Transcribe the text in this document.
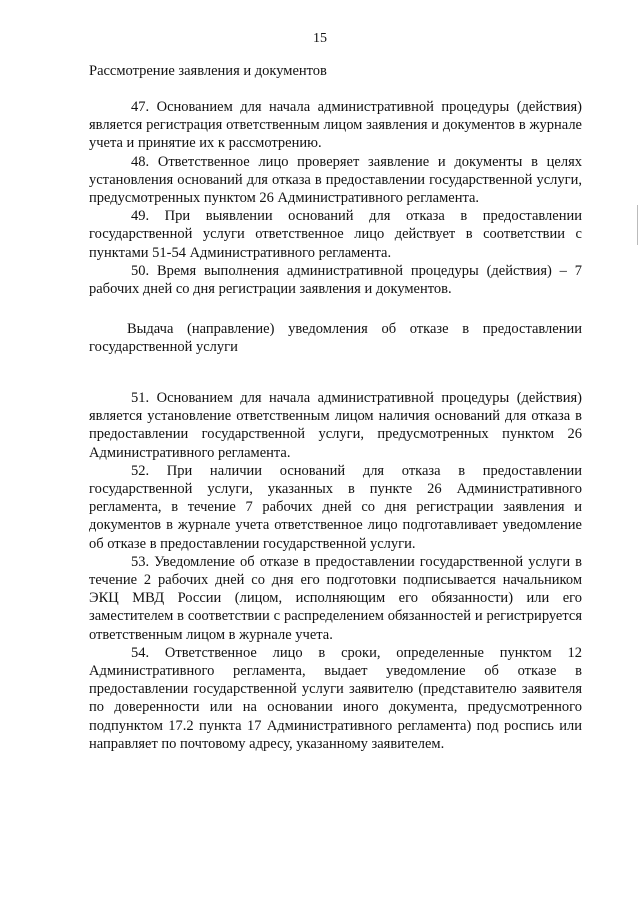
15
Рассмотрение заявления и документов

47. Основанием для начала административной процедуры (действия) является регистрация ответственным лицом заявления и документов в журнале учета и принятие их к рассмотрению.

48. Ответственное лицо проверяет заявление и документы в целях установления оснований для отказа в предоставлении государственной услуги, предусмотренных пунктом 26 Административного регламента.

49. При выявлении оснований для отказа в предоставлении государственной услуги ответственное лицо действует в соответствии с пунктами 51-54 Административного регламента.

50. Время выполнения административной процедуры (действия) – 7 рабочих дней со дня регистрации заявления и документов.

Выдача (направление) уведомления об отказе в предоставлении государственной услуги

51. Основанием для начала административной процедуры (действия) является установление ответственным лицом наличия оснований для отказа в предоставлении государственной услуги, предусмотренных пунктом 26 Административного регламента.

52. При наличии оснований для отказа в предоставлении государственной услуги, указанных в пункте 26 Административного регламента, в течение 7 рабочих дней со дня регистрации заявления и документов в журнале учета ответственное лицо подготавливает уведомление об отказе в предоставлении государственной услуги.

53. Уведомление об отказе в предоставлении государственной услуги в течение 2 рабочих дней со дня его подготовки подписывается начальником ЭКЦ МВД России (лицом, исполняющим его обязанности) или его заместителем в соответствии с распределением обязанностей и регистрируется ответственным лицом в журнале учета.

54. Ответственное лицо в сроки, определенные пунктом 12 Административного регламента, выдает уведомление об отказе в предоставлении государственной услуги заявителю (представителю заявителя по доверенности или на основании иного документа, предусмотренного подпунктом 17.2 пункта 17 Административного регламента) под роспись или направляет по почтовому адресу, указанному заявителем.
